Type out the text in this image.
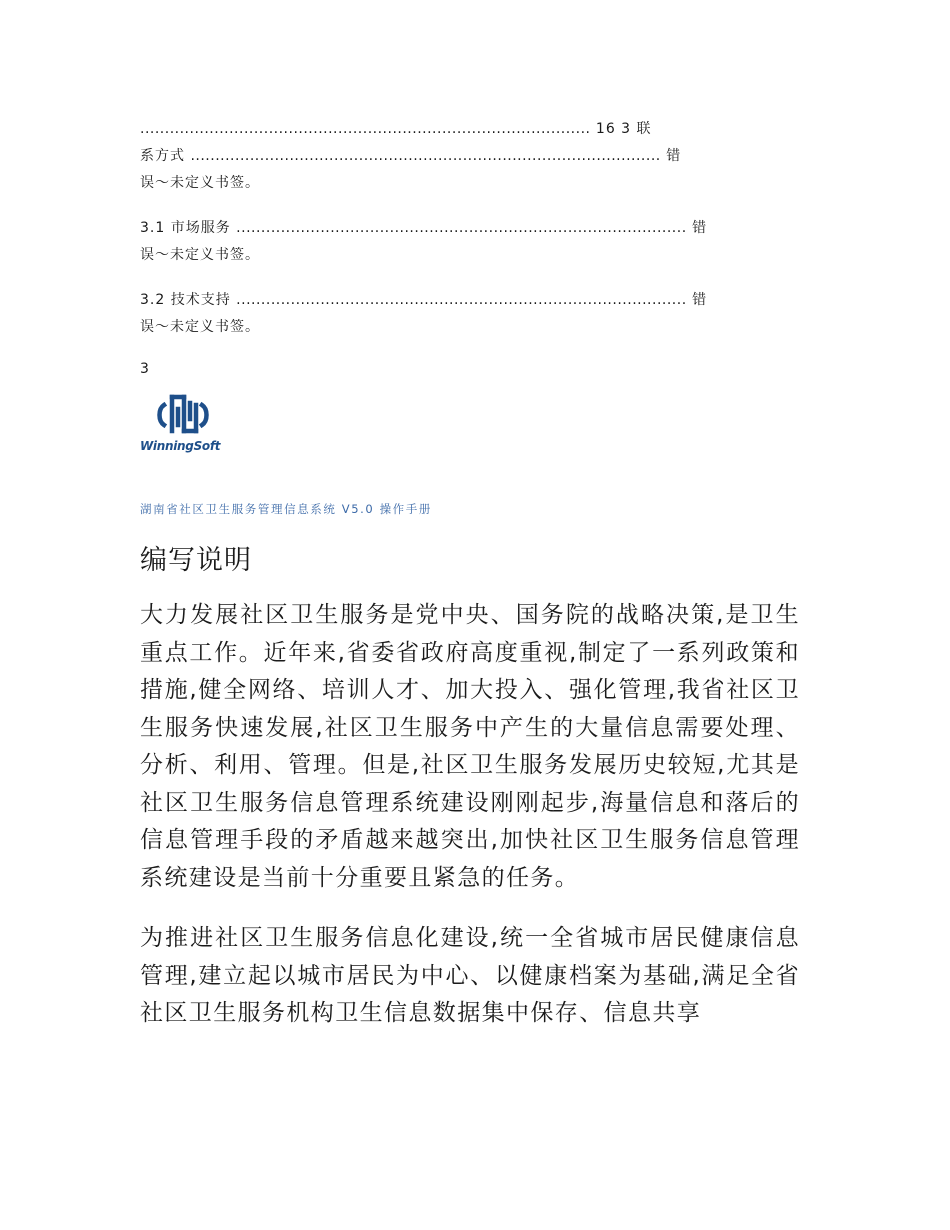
........................................................................................... 16 3 联
系方式 ............................................................................................... 错
误～未定义书签。
3.1 市场服务 ........................................................................................... 错
误～未定义书签。
3.2 技术支持 ........................................................................................... 错
误～未定义书签。
3
WinningSoft
湖南省社区卫生服务管理信息系统 V5.0 操作手册
编写说明

大力发展社区卫生服务是党中央、国务院的战略决策,是卫生重点工作。近年来,省委省政府高度重视,制定了一系列政策和措施,健全网络、培训人才、加大投入、强化管理,我省社区卫生服务快速发展,社区卫生服务中产生的大量信息需要处理、分析、利用、管理。但是,社区卫生服务发展历史较短,尤其是社区卫生服务信息管理系统建设刚刚起步,海量信息和落后的信息管理手段的矛盾越来越突出,加快社区卫生服务信息管理系统建设是当前十分重要且紧急的任务。

为推进社区卫生服务信息化建设,统一全省城市居民健康信息管理,建立起以城市居民为中心、以健康档案为基础,满足全省社区卫生服务机构卫生信息数据集中保存、信息共享
